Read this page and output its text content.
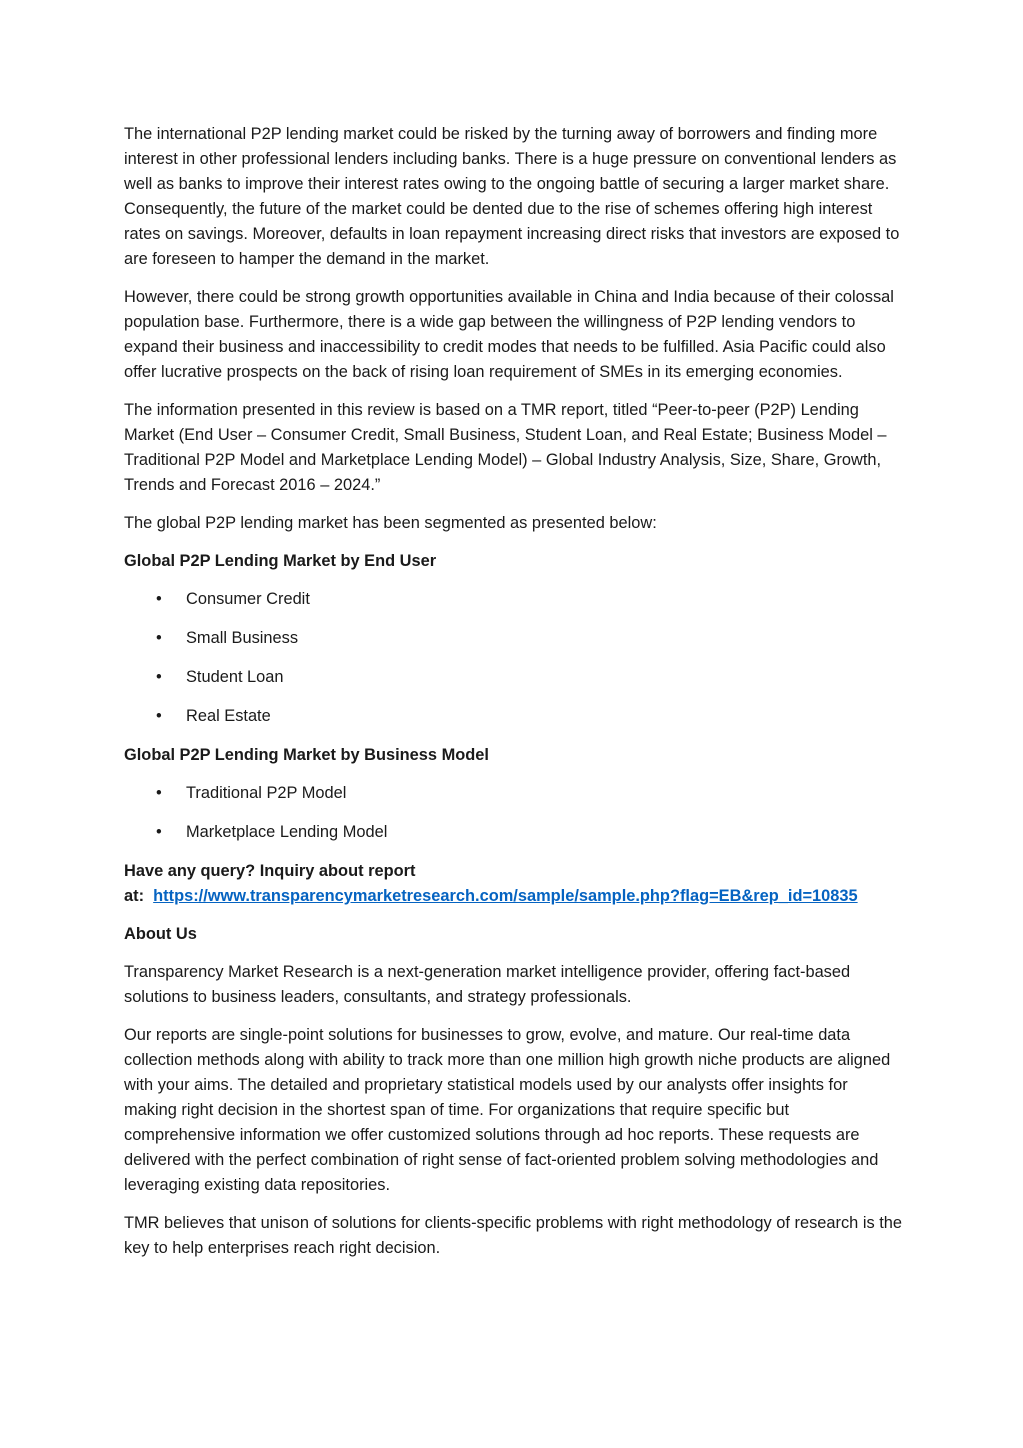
The international P2P lending market could be risked by the turning away of borrowers and finding more interest in other professional lenders including banks. There is a huge pressure on conventional lenders as well as banks to improve their interest rates owing to the ongoing battle of securing a larger market share. Consequently, the future of the market could be dented due to the rise of schemes offering high interest rates on savings. Moreover, defaults in loan repayment increasing direct risks that investors are exposed to are foreseen to hamper the demand in the market.

However, there could be strong growth opportunities available in China and India because of their colossal population base. Furthermore, there is a wide gap between the willingness of P2P lending vendors to expand their business and inaccessibility to credit modes that needs to be fulfilled. Asia Pacific could also offer lucrative prospects on the back of rising loan requirement of SMEs in its emerging economies.

The information presented in this review is based on a TMR report, titled “Peer-to-peer (P2P) Lending Market (End User – Consumer Credit, Small Business, Student Loan, and Real Estate; Business Model – Traditional P2P Model and Marketplace Lending Model) – Global Industry Analysis, Size, Share, Growth, Trends and Forecast 2016 – 2024.”

The global P2P lending market has been segmented as presented below:

Global P2P Lending Market by End User

• Consumer Credit
• Small Business
• Student Loan
• Real Estate

Global P2P Lending Market by Business Model

• Traditional P2P Model
• Marketplace Lending Model
Have any query? Inquiry about report
at: https://www.transparencymarketresearch.com/sample/sample.php?flag=EB&rep_id=10835

About Us

Transparency Market Research is a next-generation market intelligence provider, offering fact-based solutions to business leaders, consultants, and strategy professionals.

Our reports are single-point solutions for businesses to grow, evolve, and mature. Our real-time data collection methods along with ability to track more than one million high growth niche products are aligned with your aims. The detailed and proprietary statistical models used by our analysts offer insights for making right decision in the shortest span of time. For organizations that require specific but comprehensive information we offer customized solutions through ad hoc reports. These requests are delivered with the perfect combination of right sense of fact-oriented problem solving methodologies and leveraging existing data repositories.

TMR believes that unison of solutions for clients-specific problems with right methodology of research is the key to help enterprises reach right decision.
